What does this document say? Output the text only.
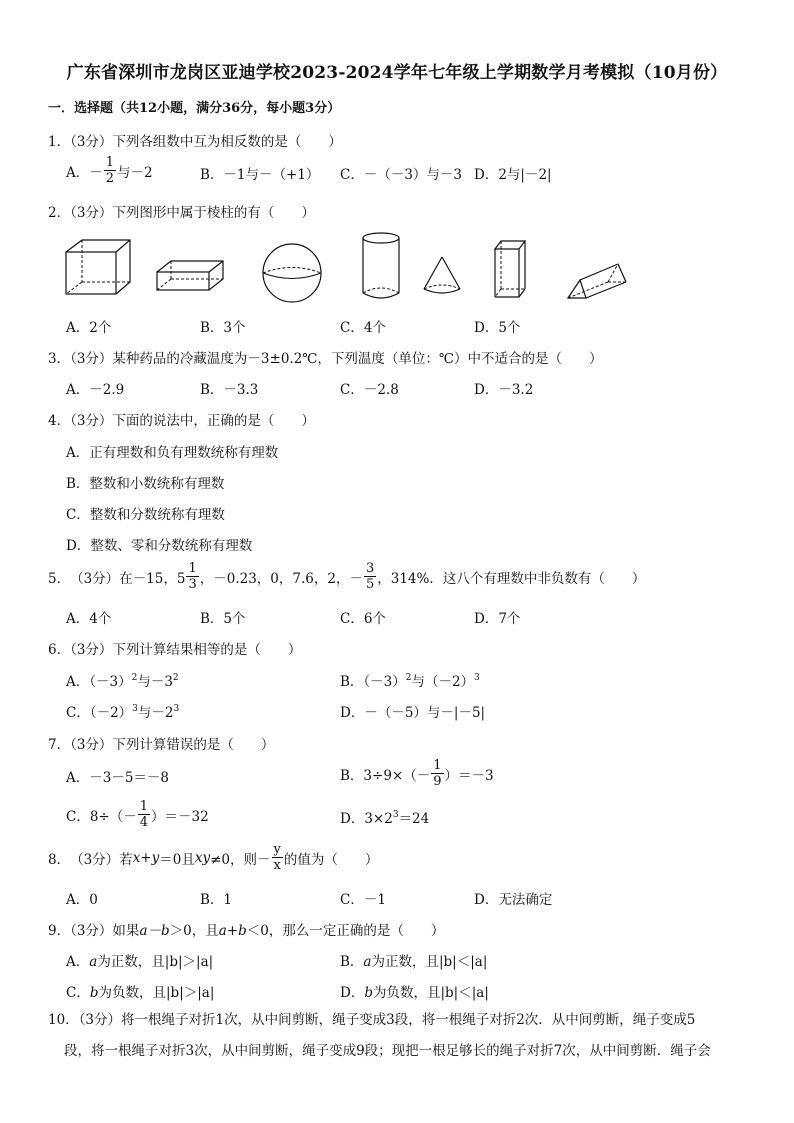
广东省深圳市龙岗区亚迪学校2023-2024学年七年级上学期数学月考模拟（10月份）
一．选择题（共12小题，满分36分，每小题3分）
1．（3分）下列各组数中互为相反数的是（　　）
A． － $\frac{1}{2}$ 与－2	B．－1与－（+1） C．－（－3）与－3 D．2与|－2|
2．（3分）下列图形中属于棱柱的有（　　）
A．2个	B．3个	C．4个	D．5个
3．（3分）某种药品的冷藏温度为－3±0.2℃，下列温度（单位：℃）中不适合的是（　　）
A．－2.9	B．－3.3	C．－2.8	D．－3.2
4．（3分）下面的说法中，正确的是（　　）
A．正有理数和负有理数统称有理数
B．整数和小数统称有理数
C．整数和分数统称有理数
D．整数、零和分数统称有理数
5． （3分）在－15，$5 \frac{1}{3}$ ，－0.23，0，7.6，2，－ $\frac{3}{5}$ ，314%．这八个有理数中非负数有（　　）
A．4个	B．5个	C．6个	D．7个
6．（3分）下列计算结果相等的是（　　）
A．$(-3)^2$与$-3^2$	B．$(-3)^2$与$(-2)^3$
C．$(-2)^3$与$-2^3$	D．－（－5）与－|－5|
7．（3分）下列计算错误的是（　　）
A．－3－5＝－8	B．$3\div 9\times(- \frac{1}{9} )=-3$
C．$8\div(- \frac{1}{4} )=-32$	D．$3\times 2^3=24$
8． （3分）若 x+y ＝0且 xy ≠0，则－ $\frac{y}{x}$ 的值为（　　）
A．0	B．1	C．－1	D．无法确定
9．（3分）如果a－b＞0，且a+b＜0，那么一定正确的是（　　）
A．a为正数，且|b|＞|a|	B．a为正数，且|b|＜|a|
C．b为负数，且|b|＞|a|	D．b为负数，且|b|＜|a|
10．（3分）将一根绳子对折1次，从中间剪断，绳子变成3段，将一根绳子对折2次．从中间剪断，绳子变成5
段，将一根绳子对折3次，从中间剪断，绳子变成9段；现把一根足够长的绳子对折7次，从中间剪断．绳子会
